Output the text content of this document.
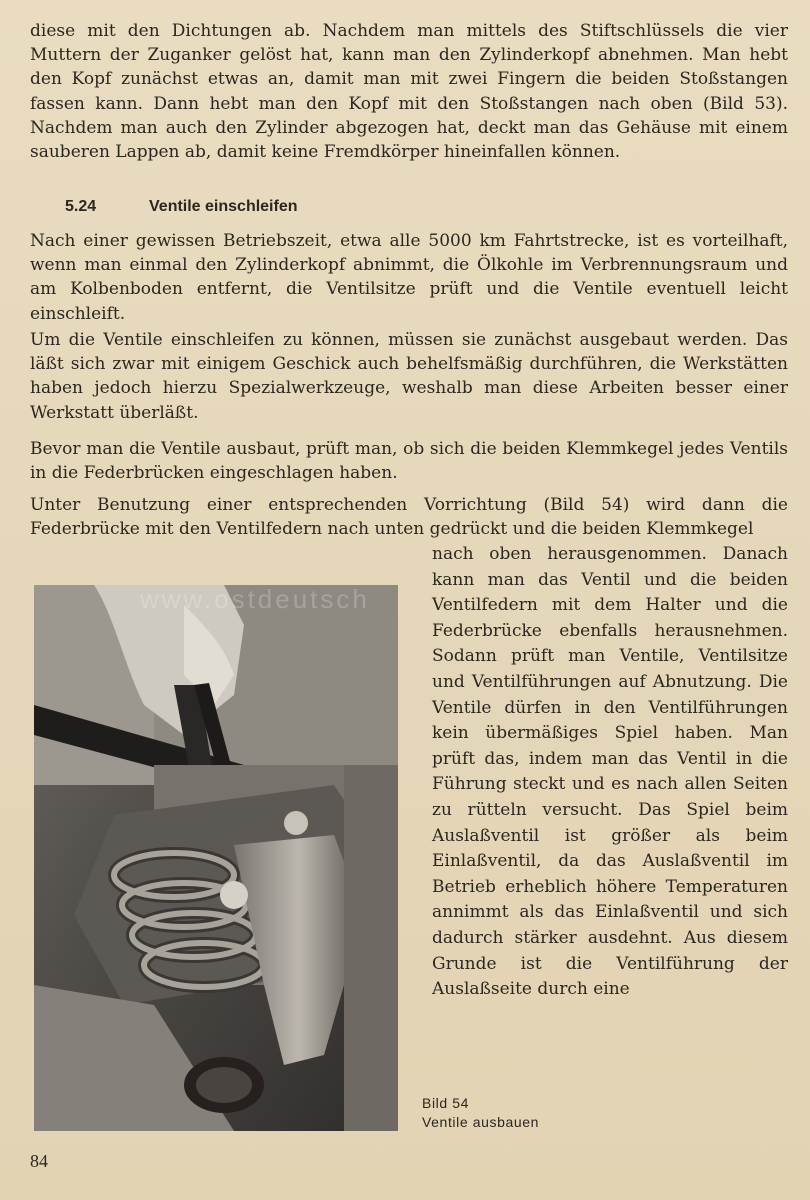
diese mit den Dichtungen ab. Nachdem man mittels des Stiftschlüssels die vier Muttern der Zuganker gelöst hat, kann man den Zylinderkopf abnehmen. Man hebt den Kopf zunächst etwas an, damit man mit zwei Fingern die beiden Stoßstangen fassen kann. Dann hebt man den Kopf mit den Stoßstangen nach oben (Bild 53). Nachdem man auch den Zylinder abgezogen hat, deckt man das Gehäuse mit einem sauberen Lappen ab, damit keine Fremdkörper hineinfallen können.

5.24	Ventile einschleifen

Nach einer gewissen Betriebszeit, etwa alle 5000 km Fahrtstrecke, ist es vorteilhaft, wenn man einmal den Zylinderkopf abnimmt, die Ölkohle im Verbrennungsraum und am Kolbenboden entfernt, die Ventilsitze prüft und die Ventile eventuell leicht einschleift.

Um die Ventile einschleifen zu können, müssen sie zunächst ausgebaut werden. Das läßt sich zwar mit einigem Geschick auch behelfsmäßig durchführen, die Werkstätten haben jedoch hierzu Spezialwerkzeuge, weshalb man diese Arbeiten besser einer Werkstatt überläßt.

Bevor man die Ventile ausbaut, prüft man, ob sich die beiden Klemmkegel jedes Ventils in die Federbrücken eingeschlagen haben.

Unter Benutzung einer entsprechenden Vorrichtung (Bild 54) wird dann die Federbrücke mit den Ventilfedern nach unten gedrückt und die beiden Klemmkegel

www.ostdeutsch

nach oben herausgenommen. Danach kann man das Ventil und die beiden Ventilfedern mit dem Halter und die Federbrücke ebenfalls herausnehmen. Sodann prüft man Ventile, Ventilsitze und Ventilführungen auf Abnutzung. Die Ventile dürfen in den Ventilführungen kein übermäßiges Spiel haben. Man prüft das, indem man das Ventil in die Führung steckt und es nach allen Seiten zu rütteln versucht. Das Spiel beim Auslaßventil ist größer als beim Einlaßventil, da das Auslaßventil im Betrieb erheblich höhere Temperaturen annimmt als das Einlaßventil und sich dadurch stärker ausdehnt. Aus diesem Grunde ist die Ventilführung der Auslaßseite durch eine

Bild 54
Ventile ausbauen
84
